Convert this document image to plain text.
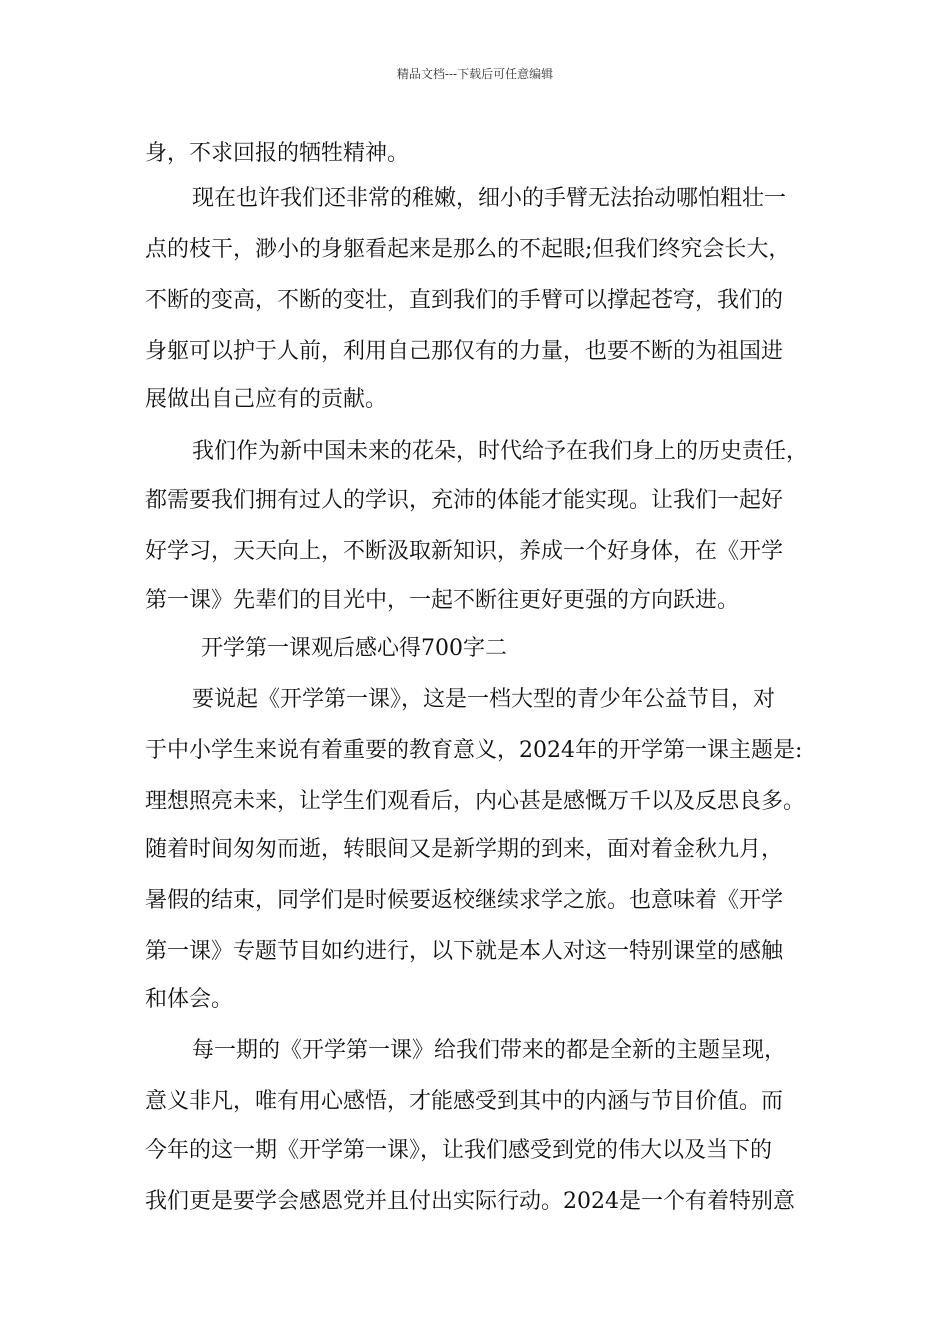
精品文档---下载后可任意编辑
身，不求回报的牺牲精神。
现在也许我们还非常的稚嫩，细小的手臂无法抬动哪怕粗壮一
点的枝干，渺小的身躯看起来是那么的不起眼;但我们终究会长大，
不断的变高，不断的变壮，直到我们的手臂可以撑起苍穹，我们的
身躯可以护于人前，利用自己那仅有的力量，也要不断的为祖国进
展做出自己应有的贡献。
我们作为新中国未来的花朵，时代给予在我们身上的历史责任，
都需要我们拥有过人的学识，充沛的体能才能实现。让我们一起好
好学习，天天向上，不断汲取新知识，养成一个好身体，在《开学
第一课》先辈们的目光中，一起不断往更好更强的方向跃进。
开学第一课观后感心得700字二
要说起《开学第一课》，这是一档大型的青少年公益节目，对
于中小学生来说有着重要的教育意义，2024年的开学第一课主题是:
理想照亮未来，让学生们观看后，内心甚是感慨万千以及反思良多。
随着时间匆匆而逝，转眼间又是新学期的到来，面对着金秋九月，
暑假的结束，同学们是时候要返校继续求学之旅。也意味着《开学
第一课》专题节目如约进行，以下就是本人对这一特别课堂的感触
和体会。
每一期的《开学第一课》给我们带来的都是全新的主题呈现，
意义非凡，唯有用心感悟，才能感受到其中的内涵与节目价值。而
今年的这一期《开学第一课》，让我们感受到党的伟大以及当下的
我们更是要学会感恩党并且付出实际行动。2024是一个有着特别意
